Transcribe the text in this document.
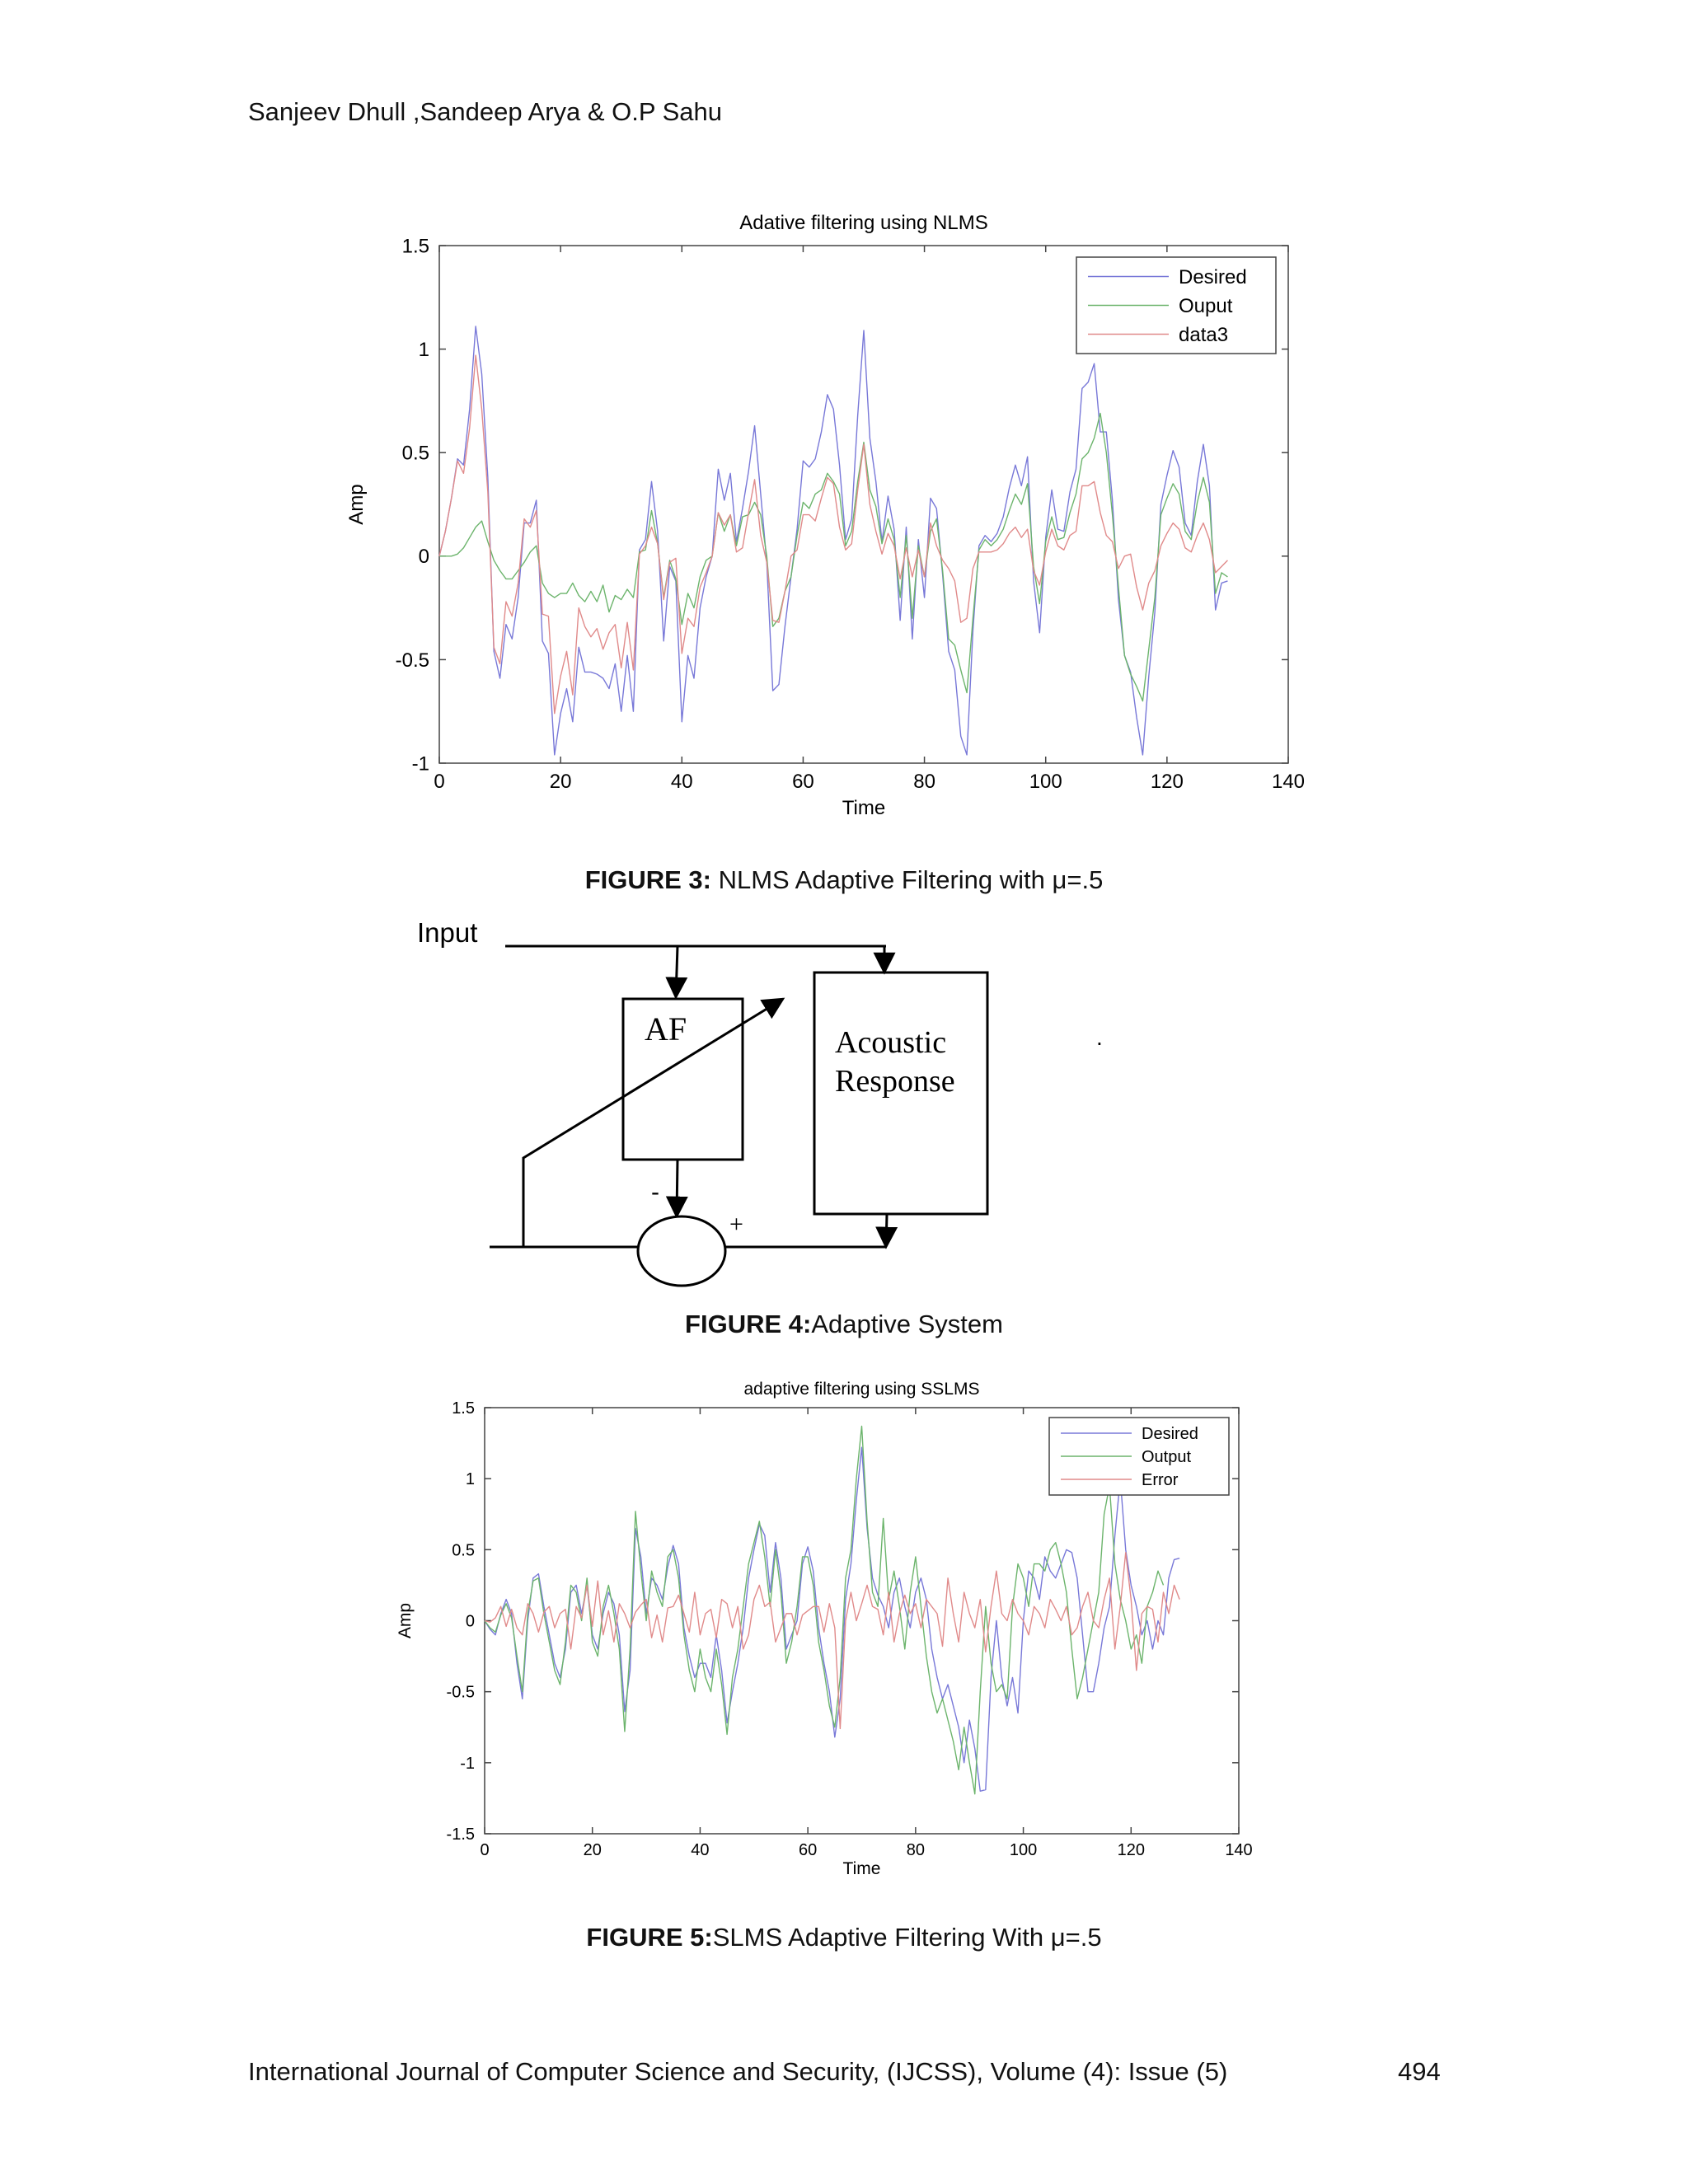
Sanjeev Dhull ,Sandeep Arya & O.P Sahu
Adative filtering using NLMS
0	20	40	60	80	100	120	140
-1
-0.5
0
0.5
1
1.5
Time
Amp
Desired
Ouput
data3
FIGURE 3: NLMS Adaptive Filtering with μ=.5
Input
AF	Acoustic
Response
-
+
.
FIGURE 4:Adaptive System
adaptive filtering using SSLMS
0	20	40	60	80	100	120	140
-1.5
-1
-0.5
0
0.5
1
1.5
Time
Amp
Desired
Output
Error
FIGURE 5:SLMS Adaptive Filtering With μ=.5
International Journal of Computer Science and Security, (IJCSS), Volume (4): Issue (5)	494
